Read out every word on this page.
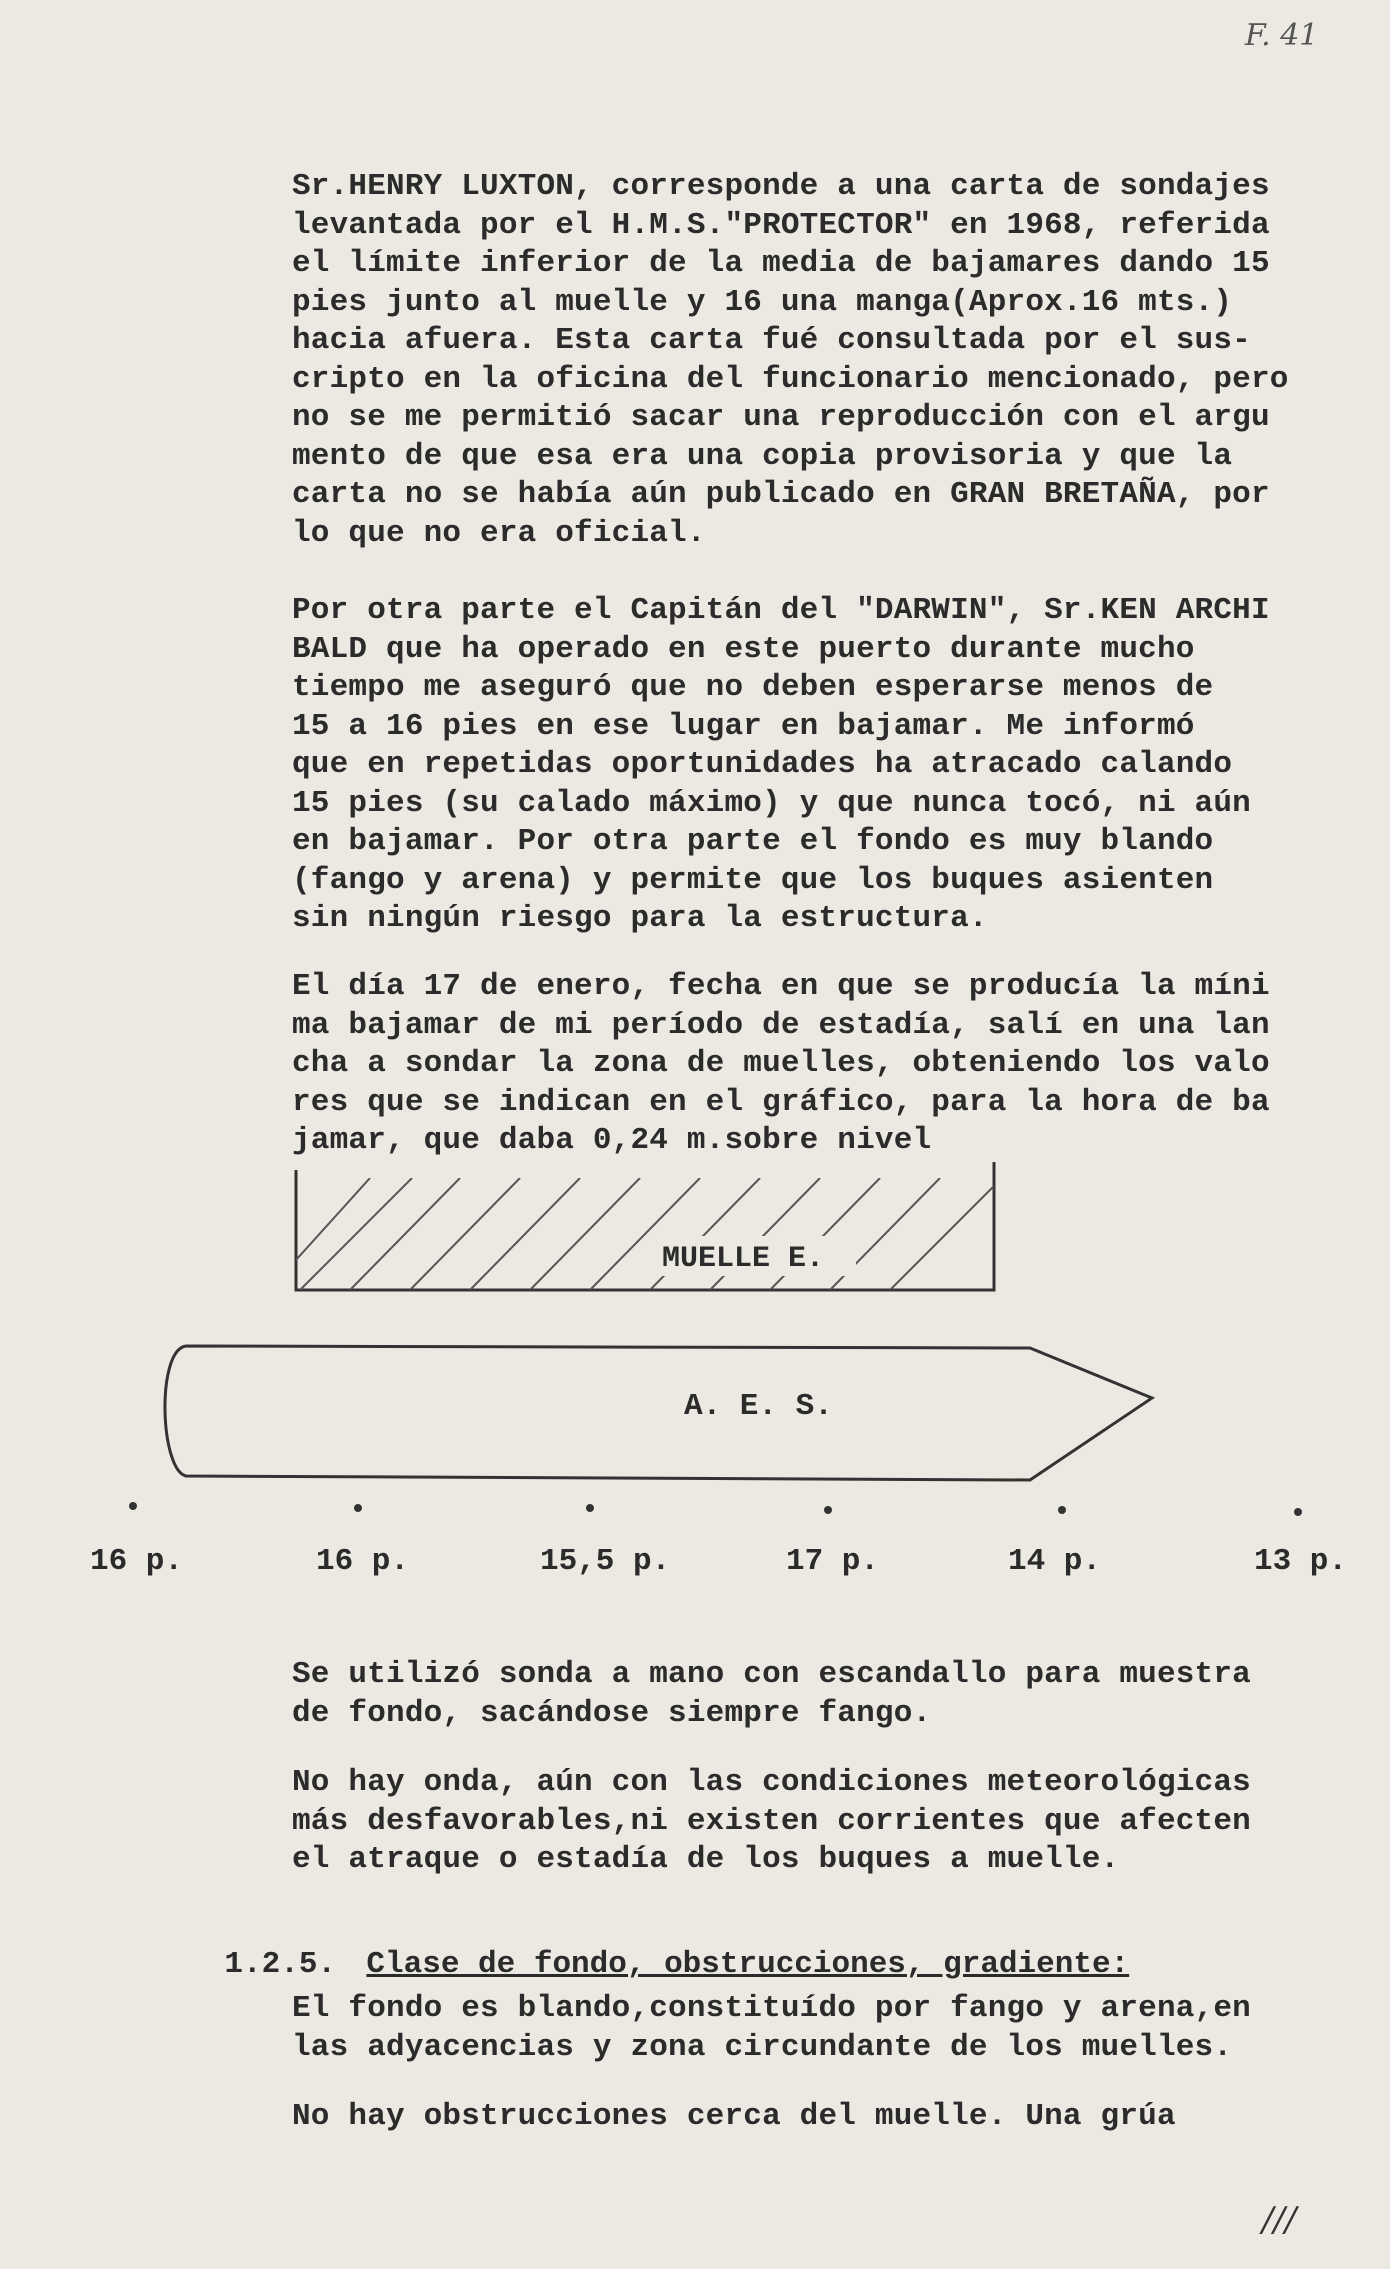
F. 41
Sr.HENRY LUXTON, corresponde a una carta de sondajes
levantada por el H.M.S."PROTECTOR" en 1968, referida
el límite inferior de la media de bajamares dando 15
pies junto al muelle y 16 una manga(Aprox.16 mts.)
hacia afuera. Esta carta fué consultada por el sus-
cripto en la oficina del funcionario mencionado, pero
no se me permitió sacar una reproducción con el argu
mento de que esa era una copia provisoria y que la
carta no se había aún publicado en GRAN BRETAÑA, por
lo que no era oficial.
Por otra parte el Capitán del "DARWIN", Sr.KEN ARCHI
BALD que ha operado en este puerto durante mucho
tiempo me aseguró que no deben esperarse menos de
15 a 16 pies en ese lugar en bajamar. Me informó
que en repetidas oportunidades ha atracado calando
15 pies (su calado máximo) y que nunca tocó, ni aún
en bajamar. Por otra parte el fondo es muy blando
(fango y arena) y permite que los buques asienten
sin ningún riesgo para la estructura.
El día 17 de enero, fecha en que se producía la míni
ma bajamar de mi período de estadía, salí en una lan
cha a sondar la zona de muelles, obteniendo los valo
res que se indican en el gráfico, para la hora de ba
jamar, que daba 0,24 m.sobre nivel
MUELLE E.
A. E. S.
16 p.	16 p.	15,5 p.	17 p.	14 p.	13 p.
Se utilizó sonda a mano con escandallo para muestra
de fondo, sacándose siempre fango.
No hay onda, aún con las condiciones meteorológicas
más desfavorables,ni existen corrientes que afecten
el atraque o estadía de los buques a muelle.

1.2.5. Clase de fondo, obstrucciones, gradiente:

El fondo es blando,constituído por fango y arena,en
las adyacencias y zona circundante de los muelles.
No hay obstrucciones cerca del muelle. Una grúa
///
